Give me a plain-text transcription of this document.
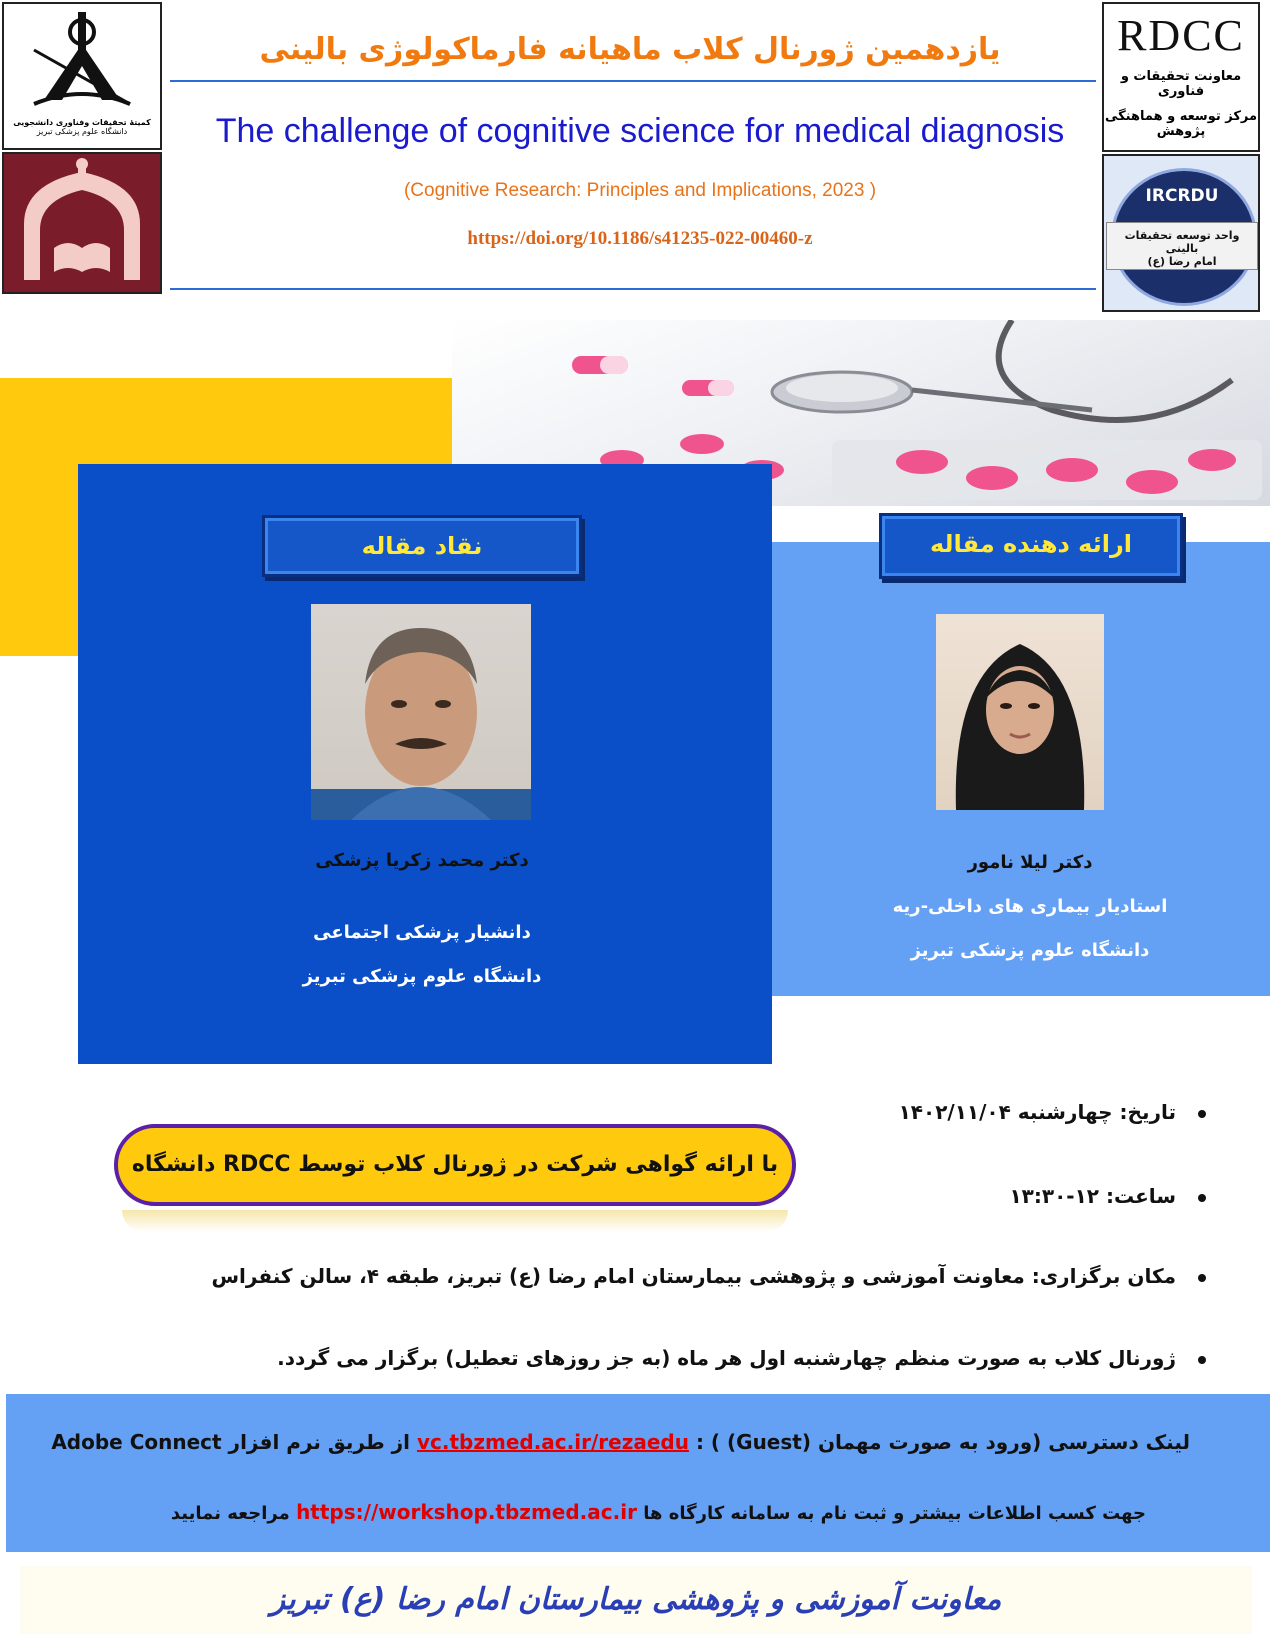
کمیتهٔ تحقیقات وفناوری دانشجویی
دانشگاه علوم پزشکی تبریز
RDCC
معاونت تحقیقات و فناوری
مرکز توسعه و هماهنگی پژوهش
IRCRDU
واحد توسعه تحقیقات بالینی
امام رضا (ع)
یازدهمین ژورنال کلاب ماهیانه فارماکولوژی بالینی
The challenge of cognitive science for medical diagnosis
(Cognitive Research: Principles and Implications, 2023 )
https://doi.org/10.1186/s41235-022-00460-z
نقاد مقاله
دکتر محمد زکریا پزشکی
دانشیار پزشکی اجتماعی
دانشگاه علوم پزشکی تبریز
ارائه دهنده مقاله
دکتر لیلا نامور
استادیار بیماری های داخلی-ریه
دانشگاه علوم پزشکی تبریز
تاریخ: چهارشنبه ۱۴۰۲/۱۱/۰۴
با ارائه گواهی شرکت در ژورنال کلاب توسط RDCC دانشگاه
ساعت: ۱۲-۱۳:۳۰
مکان برگزاری: معاونت آموزشی و پژوهشی بیمارستان امام رضا (ع) تبریز، طبقه ۴، سالن کنفراس
ژورنال کلاب به صورت منظم چهارشنبه اول هر ماه (به جز روزهای تعطیل) برگزار می گردد.
لینک دسترسی (ورود به صورت مهمان (Guest) ) : vc.tbzmed.ac.ir/rezaedu از طریق نرم افزار Adobe Connect
جهت کسب اطلاعات بیشتر و ثبت نام به سامانه کارگاه ها https://workshop.tbzmed.ac.ir مراجعه نمایید
معاونت آموزشی و پژوهشی بیمارستان امام رضا (ع) تبریز
